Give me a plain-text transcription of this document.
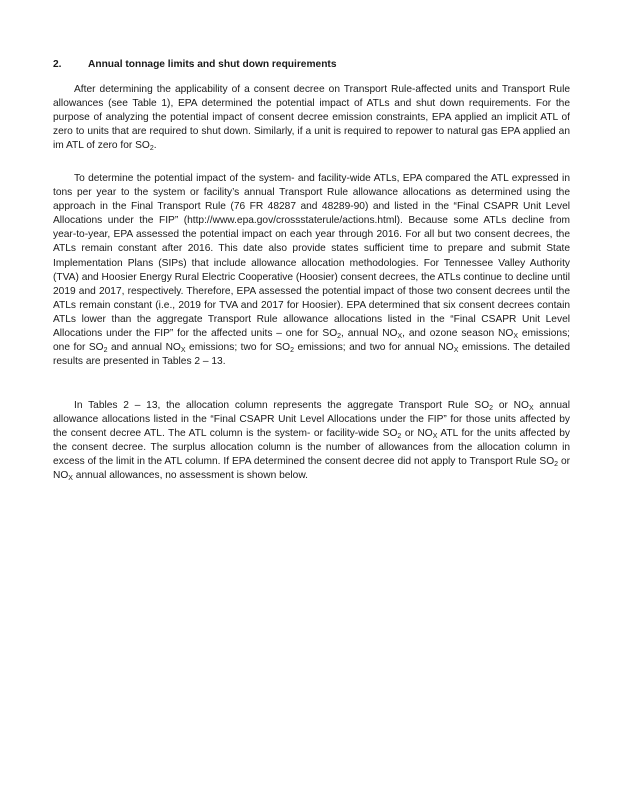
2.	Annual tonnage limits and shut down requirements

After determining the applicability of a consent decree on Transport Rule-affected units and Transport Rule allowances (see Table 1), EPA determined the potential impact of ATLs and shut down requirements. For the purpose of analyzing the potential impact of consent decree emission constraints, EPA applied an implicit ATL of zero to units that are required to shut down. Similarly, if a unit is required to repower to natural gas EPA applied an im ATL of zero for $SO_2$.

To determine the potential impact of the system- and facility-wide ATLs, EPA compared the ATL expressed in tons per year to the system or facility’s annual Transport Rule allowance allocations as determined using the approach in the Final Transport Rule (76 FR 48287 and 48289-90) and listed in the “Final CSAPR Unit Level Allocations under the FIP” (http://www.epa.gov/crossstaterule/actions.html). Because some ATLs decline from year-to-year, EPA assessed the potential impact on each year through 2016. For all but two consent decrees, the ATLs remain constant after 2016. This date also provide states sufficient time to prepare and submit State Implementation Plans (SIPs) that include allowance allocation methodologies. For Tennessee Valley Authority (TVA) and Hoosier Energy Rural Electric Cooperative (Hoosier) consent decrees, the ATLs continue to decline until 2019 and 2017, respectively. Therefore, EPA assessed the potential impact of those two consent decrees until the ATLs remain constant (i.e., 2019 for TVA and 2017 for Hoosier). EPA determined that six consent decrees contain ATLs lower than the aggregate Transport Rule allowance allocations listed in the “Final CSAPR Unit Level Allocations under the FIP” for the affected units – one for $SO_2$, annual $NO_X$, and ozone season $NO_X$ emissions; one for $SO_2$ and annual $NO_X$ emissions; two for $SO_2$ emissions; and two for annual $NO_X$ emissions. The detailed results are presented in Tables 2 – 13.

In Tables 2 – 13, the allocation column represents the aggregate Transport Rule $SO_2$ or $NO_X$ annual allowance allocations listed in the “Final CSAPR Unit Level Allocations under the FIP” for those units affected by the consent decree ATL. The ATL column is the system- or facility-wide $SO_2$ or $NO_X$ ATL for the units affected by the consent decree. The surplus allocation column is the number of allowances from the allocation column in excess of the limit in the ATL column. If EPA determined the consent decree did not apply to Transport Rule $SO_2$ or $NO_X$ annual allowances, no assessment is shown below.
